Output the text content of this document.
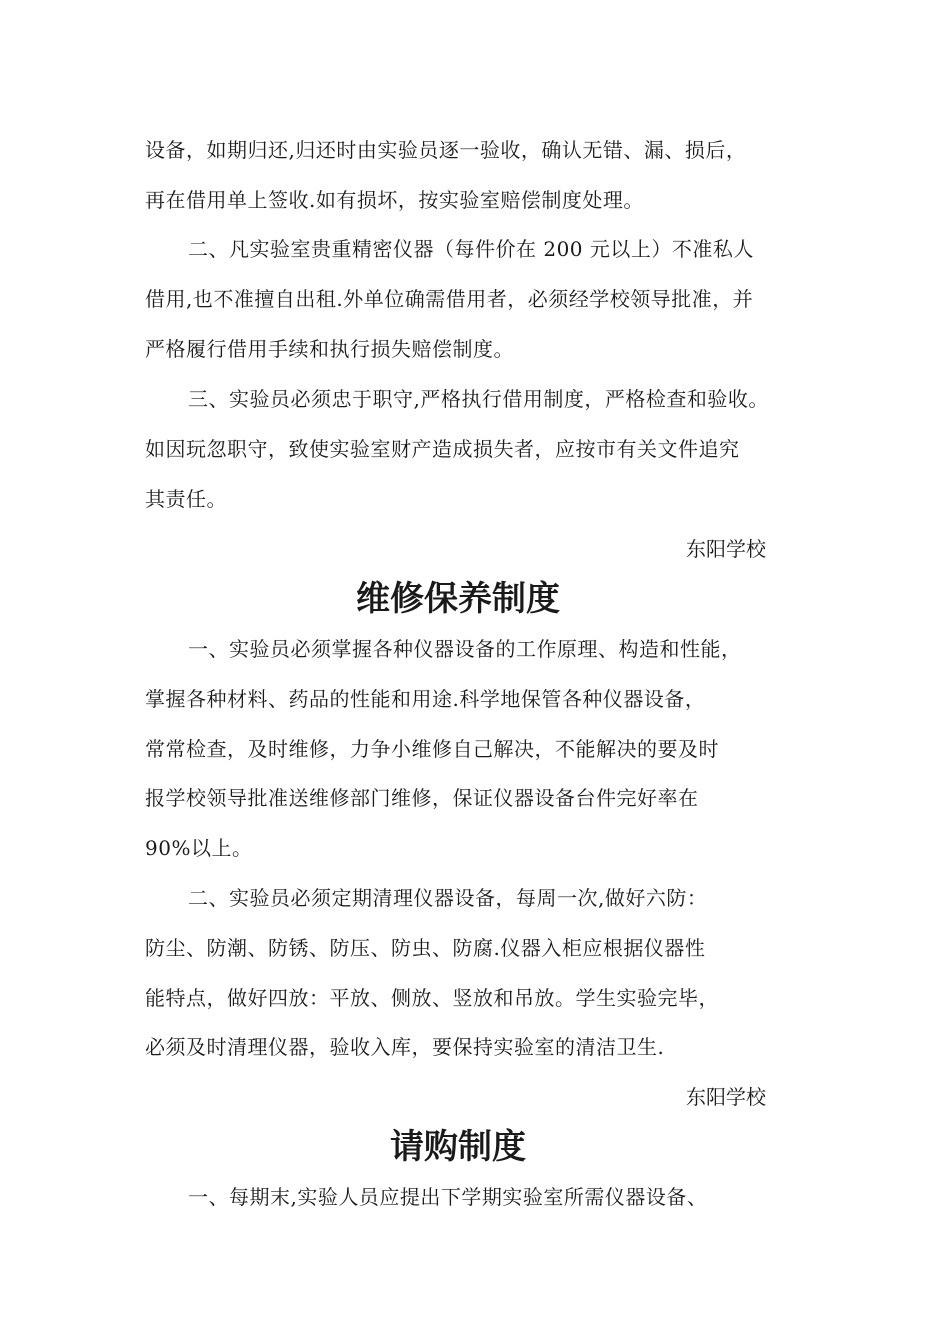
设备，如期归还,归还时由实验员逐一验收，确认无错、漏、损后，
再在借用单上签收.如有损坏，按实验室赔偿制度处理。
二、凡实验室贵重精密仪器（每件价在 200 元以上）不准私人
借用,也不准擅自出租.外单位确需借用者，必须经学校领导批准，并
严格履行借用手续和执行损失赔偿制度。
三、实验员必须忠于职守,严格执行借用制度，严格检查和验收。
如因玩忽职守，致使实验室财产造成损失者，应按市有关文件追究
其责任。
东阳学校
维修保养制度
一、实验员必须掌握各种仪器设备的工作原理、构造和性能，
掌握各种材料、药品的性能和用途.科学地保管各种仪器设备，
常常检查，及时维修，力争小维修自己解决，不能解决的要及时
报学校领导批准送维修部门维修，保证仪器设备台件完好率在
90%以上。
二、实验员必须定期清理仪器设备，每周一次,做好六防：
防尘、防潮、防锈、防压、防虫、防腐.仪器入柜应根据仪器性
能特点，做好四放：平放、侧放、竖放和吊放。学生实验完毕，
必须及时清理仪器，验收入库，要保持实验室的清洁卫生.
东阳学校
请购制度
一、每期末,实验人员应提出下学期实验室所需仪器设备、
